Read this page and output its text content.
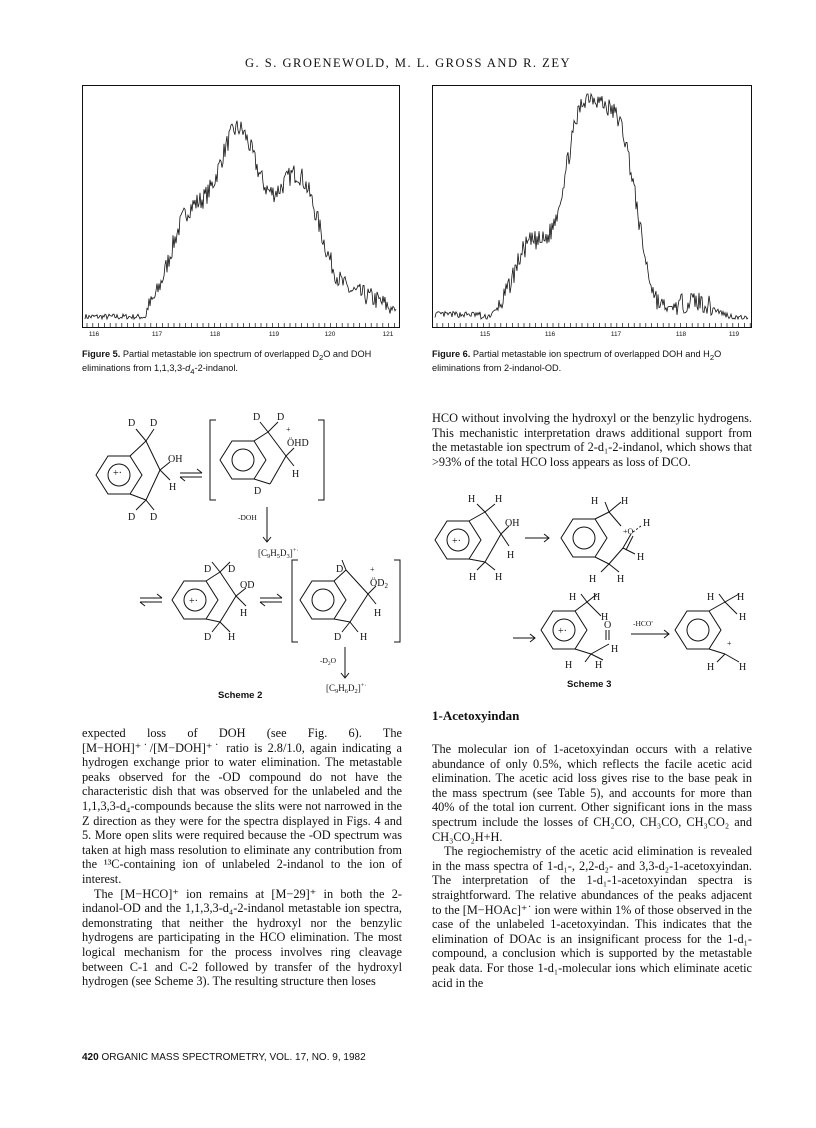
G. S. GROENEWOLD, M. L. GROSS AND R. ZEY
116	117	118	119	120	121
Figure 5. Partial metastable ion spectrum of overlapped $D_2O$ and DOH eliminations from $1,1,3,3-d_4-2$-indanol.
115	116	117	118	119
Figure 6. Partial metastable ion spectrum of overlapped DOH and $H_2O$ eliminations from 2-indanol-OD.
+·
D D
OH
H
D D
D D
+
ÖHD
H
D
+·
-DOH
$[C_9H_5D_3]^{+\cdot}$
+·
D D
OD
H
D H
D	+
$ÖD_2$
H
D H
$-D_2O$
$[C_9H_6D_2]^{+\cdot}$
Scheme 2

HCO without involving the hydroxyl or the benzylic hydrogens. This mechanistic interpretation draws additional support from the metastable ion spectrum of 2-d₁-2-indanol, which shows that >93% of the total HCO loss appears as loss of DCO.

+·
H H
OH
H
H H
H H
+O
H
H
H H
+·
H H
H
O
H
H H
-HCO'
H H
H
+
H H
Scheme 3

expected loss of DOH (see Fig. 6). The [M−HOH]⁺˙/[M−DOH]⁺˙ ratio is 2.8/1.0, again indicating a hydrogen exchange prior to water elimination. The metastable peaks observed for the -OD compound do not have the characteristic dish that was observed for the unlabeled and the 1,1,3,3-d₄-compounds because the slits were not narrowed in the Z direction as they were for the spectra displayed in Figs. 4 and 5. More open slits were required because the -OD spectrum was taken at high mass resolution to eliminate any contribution from the ¹³C-containing ion of unlabeled 2-indanol to the ion of interest.

The [M−HCO]⁺ ion remains at [M−29]⁺ in both the 2-indanol-OD and the 1,1,3,3-d₄-2-indanol metastable ion spectra, demonstrating that neither the hydroxyl nor the benzylic hydrogens are participating in the HCO elimination. The most logical mechanism for the process involves ring cleavage between C-1 and C-2 followed by transfer of the hydroxyl hydrogen (see Scheme 3). The resulting structure then loses

1-Acetoxyindan

The molecular ion of 1-acetoxyindan occurs with a relative abundance of only 0.5%, which reflects the facile acetic acid elimination. The acetic acid loss gives rise to the base peak in the mass spectrum (see Table 5), and accounts for more than 40% of the total ion current. Other significant ions in the mass spectrum include the losses of CH₂CO, CH₃CO, CH₃CO₂ and CH₃CO₂H+H.

The regiochemistry of the acetic acid elimination is revealed in the mass spectra of 1-d₁-, 2,2-d₂- and 3,3-d₂-1-acetoxyindan. The interpretation of the 1-d₁-1-acetoxyindan spectra is straightforward. The relative abundances of the peaks adjacent to the [M−HOAc]⁺˙ ion were within 1% of those observed in the case of the unlabeled 1-acetoxyindan. This indicates that the elimination of DOAc is an insignificant process for the 1-d₁-compound, a conclusion which is supported by the metastable peak data. For those 1-d₁-molecular ions which eliminate acetic acid in the

420 ORGANIC MASS SPECTROMETRY, VOL. 17, NO. 9, 1982
